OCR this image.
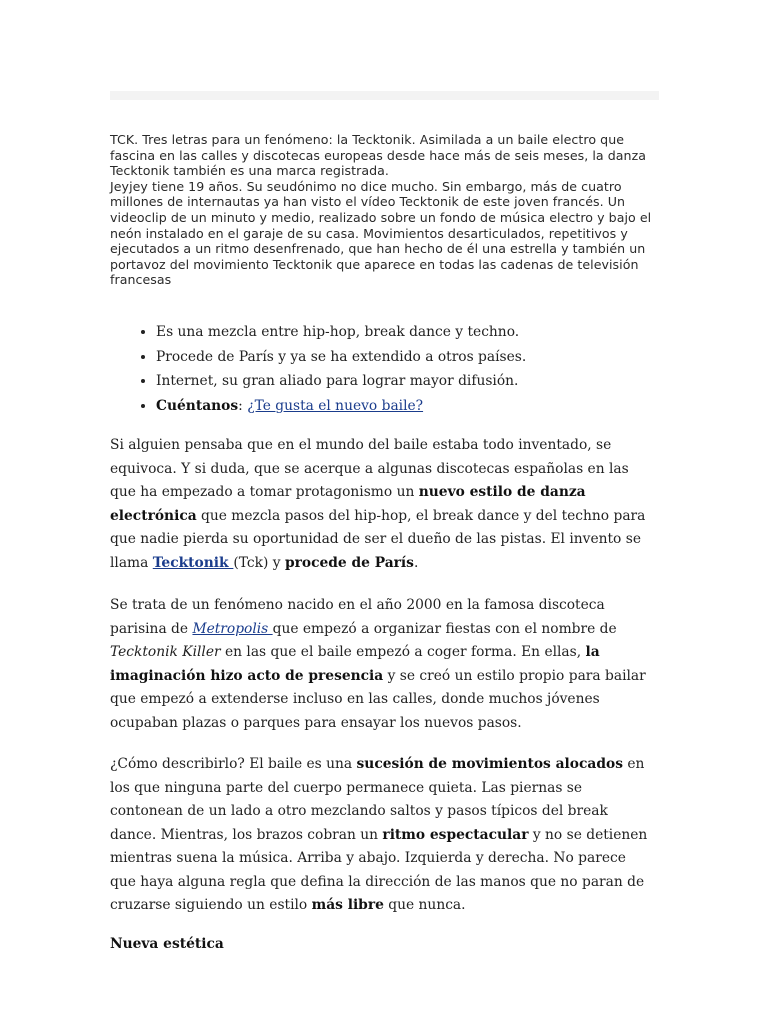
TCK. Tres letras para un fenómeno: la Tecktonik. Asimilada a un baile electro que fascina en las calles y discotecas europeas desde hace más de seis meses, la danza Tecktonik también es una marca registrada.

Jeyjey tiene 19 años. Su seudónimo no dice mucho. Sin embargo, más de cuatro millones de internautas ya han visto el vídeo Tecktonik de este joven francés. Un videoclip de un minuto y medio, realizado sobre un fondo de música electro y bajo el neón instalado en el garaje de su casa. Movimientos desarticulados, repetitivos y ejecutados a un ritmo desenfrenado, que han hecho de él una estrella y también un portavoz del movimiento Tecktonik que aparece en todas las cadenas de televisión francesas

• Es una mezcla entre hip-hop, break dance y techno.
• Procede de París y ya se ha extendido a otros países.
• Internet, su gran aliado para lograr mayor difusión.
• Cuéntanos: ¿Te gusta el nuevo baile?

Si alguien pensaba que en el mundo del baile estaba todo inventado, se equivoca. Y si duda, que se acerque a algunas discotecas españolas en las que ha empezado a tomar protagonismo un nuevo estilo de danza electrónica que mezcla pasos del hip-hop, el break dance y del techno para que nadie pierda su oportunidad de ser el dueño de las pistas. El invento se llama Tecktonik (Tck) y procede de París.

Se trata de un fenómeno nacido en el año 2000 en la famosa discoteca parisina de Metropolis que empezó a organizar fiestas con el nombre de Tecktonik Killer en las que el baile empezó a coger forma. En ellas, la imaginación hizo acto de presencia y se creó un estilo propio para bailar que empezó a extenderse incluso en las calles, donde muchos jóvenes ocupaban plazas o parques para ensayar los nuevos pasos.

¿Cómo describirlo? El baile es una sucesión de movimientos alocados en los que ninguna parte del cuerpo permanece quieta. Las piernas se contonean de un lado a otro mezclando saltos y pasos típicos del break dance. Mientras, los brazos cobran un ritmo espectacular y no se detienen mientras suena la música. Arriba y abajo. Izquierda y derecha. No parece que haya alguna regla que defina la dirección de las manos que no paran de cruzarse siguiendo un estilo más libre que nunca.

Nueva estética
